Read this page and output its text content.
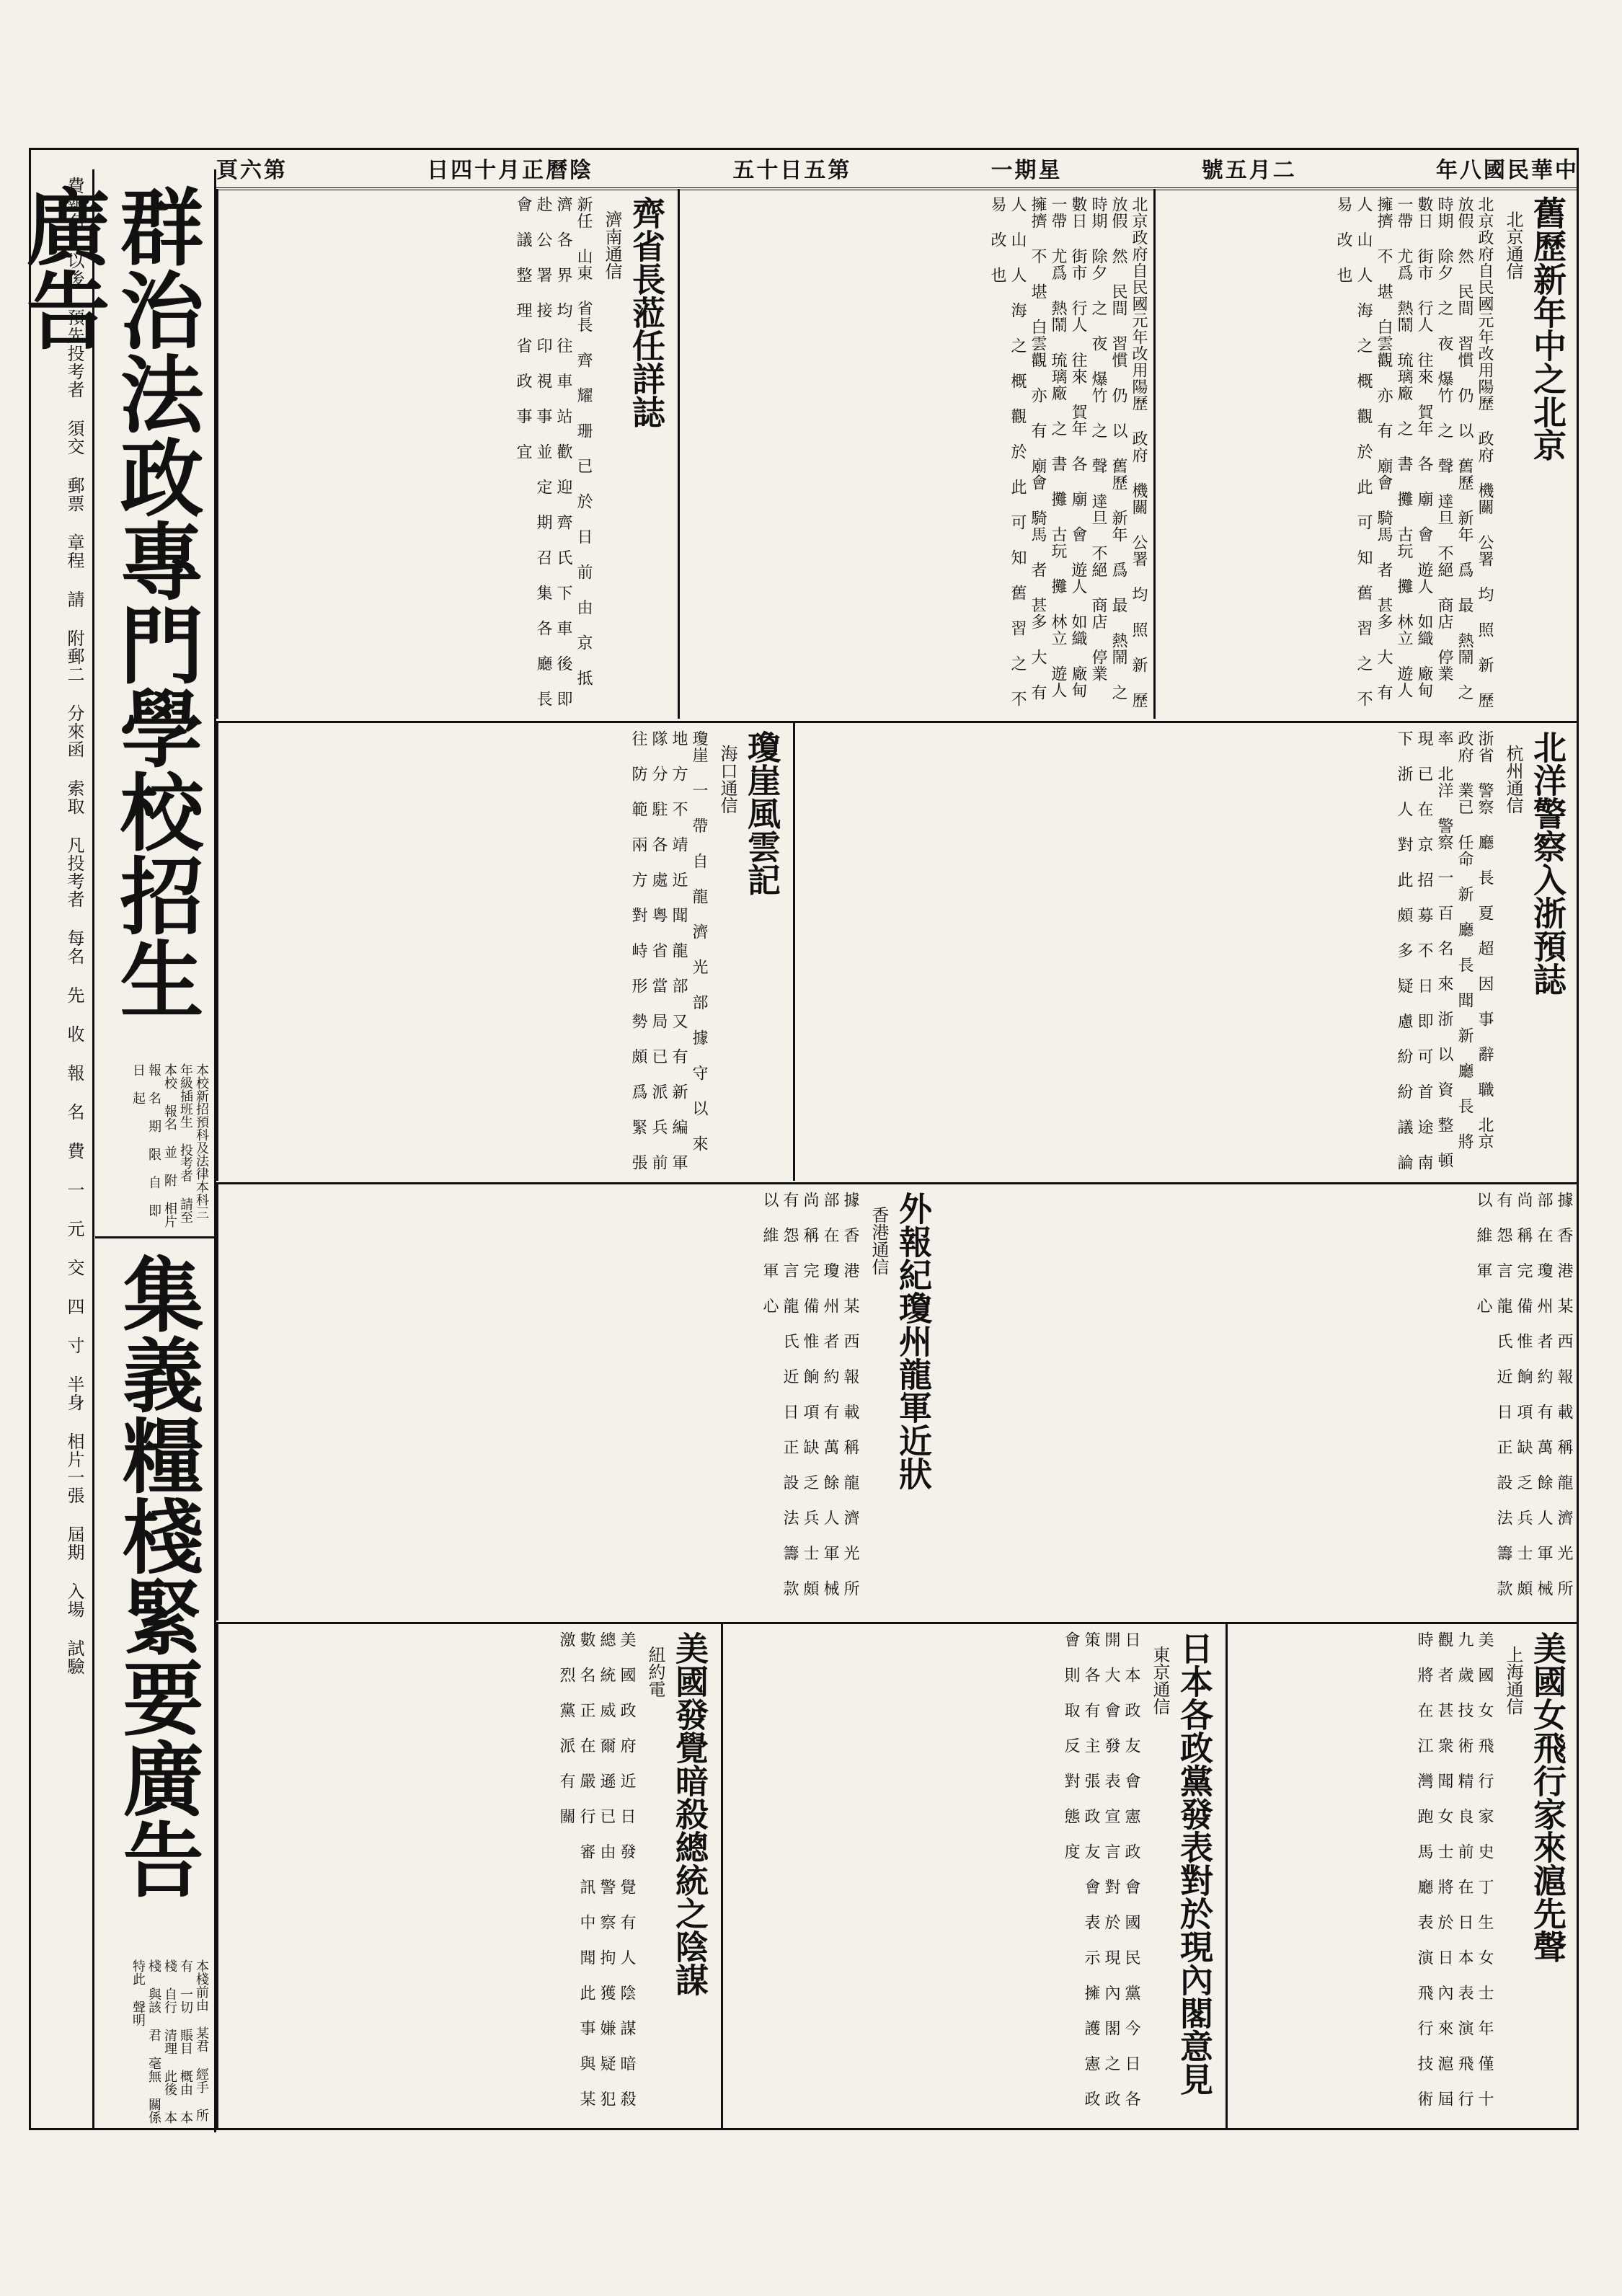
頁六第	日四十月正曆陰	五十日五第	一期星	號五月二	年八國民華中
費報名 以後 預先投考者 須交 郵票 章程 請 附郵二 分來函 索取 凡投考者 每名 先 收 報 名 費 一 元 交 四 寸 半身 相片一張 屆期 入場 試驗 群治法政專門學校招生廣告
本校新招預科及法律本科三年級插班生 投考者 請至 本校 報名 並 附 相片 報 名 期 限 自 即 日 起
集義糧棧緊要廣告
本棧前由 某君 經手 所有 一切 賬目 概由 本棧 自行 清理 此後 本棧 與該 君 毫無 關係 特此 聲明
舊歷新年中之北京
北京通信
北京政府自民國元年改用陽歷 政府 機關 公署 均 照 新 歷 放假 然 民間 習慣 仍 以 舊歷 新年 爲 最 熱鬧 之 時期 除夕 之 夜 爆竹 之 聲 達旦 不絕 商店 停業 數日 街市 行人 往來 賀年 各 廟 會 遊人 如織 廠甸 一帶 尤爲 熱鬧 琉璃廠 之 書 攤 古玩 攤 林立 遊人 擁擠 不 堪 白雲觀 亦 有 廟會 騎馬 者 甚多 大 有 人 山 人 海 之 概 觀 於 此 可 知 舊 習 之 不 易 改 也
齊省長蒞任詳誌
濟南通信
新任 山東 省長 齊 耀 珊 已 於 日 前 由 京 抵 濟 各 界 均 往 車 站 歡 迎 齊 氏 下 車 後 即 赴 公 署 接 印 視 事 並 定 期 召 集 各 廳 長 會 議 整 理 省 政 事 宜	北京政府自民國元年改用陽歷 政府 機關 公署 均 照 新 歷 放假 然 民間 習慣 仍 以 舊歷 新年 爲 最 熱鬧 之 時期 除夕 之 夜 爆竹 之 聲 達旦 不絕 商店 停業 數日 街市 行人 往來 賀年 各 廟 會 遊人 如織 廠甸 一帶 尤爲 熱鬧 琉璃廠 之 書 攤 古玩 攤 林立 遊人 擁擠 不 堪 白雲觀 亦 有 廟會 騎馬 者 甚多 大 有 人 山 人 海 之 概 觀 於 此 可 知 舊 習 之 不 易 改 也
北洋警察入浙預誌
杭州通信
浙省 警察 廳 長 夏 超 因 事 辭 職 北京 政府 業已 任命 新 廳 長 聞 新 廳 長 將 率 北洋 警察 一 百 名 來 浙 以 資 整 頓 現 已 在 京 招 募 不 日 即 可 首 途 南 下 浙 人 對 此 頗 多 疑 慮 紛 紛 議 論
瓊崖風雲記
海口通信
瓊崖 一 帶 自 龍 濟 光 部 據 守 以 來 地 方 不 靖 近 聞 龍 部 又 有 新 編 軍 隊 分 駐 各 處 粵 省 當 局 已 派 兵 前 往 防 範 兩 方 對 峙 形 勢 頗 爲 緊 張
外報紀瓊州龍軍近狀
香港通信
據 香 港 某 西 報 載 稱 龍 濟 光 所 部 在 瓊 州 者 約 有 萬 餘 人 軍 械 尚 稱 完 備 惟 餉 項 缺 乏 兵 士 頗 有 怨 言 龍 氏 近 日 正 設 法 籌 款 以 維 軍 心	據 香 港 某 西 報 載 稱 龍 濟 光 所 部 在 瓊 州 者 約 有 萬 餘 人 軍 械 尚 稱 完 備 惟 餉 項 缺 乏 兵 士 頗 有 怨 言 龍 氏 近 日 正 設 法 籌 款 以 維 軍 心
美國女飛行家來滬先聲
上海通信
美 國 女 飛 行 家 史 丁 生 女 士 年 僅 十 九 歲 技 術 精 良 前 在 日 本 表 演 飛 行 觀 者 甚 衆 聞 女 士 將 於 日 內 來 滬 屆 時 將 在 江 灣 跑 馬 廳 表 演 飛 行 技 術
日本各政黨發表對於現內閣意見
東京通信
日 本 政 友 會 憲 政 會 國 民 黨 今 日 各 開 大 會 發 表 宣 言 對 於 現 內 閣 之 政 策 各 有 主 張 政 友 會 表 示 擁 護 憲 政 會 則 取 反 對 態 度
美國發覺暗殺總統之陰謀
紐約電
美 國 政 府 近 日 發 覺 有 人 陰 謀 暗 殺 總 統 威 爾 遜 已 由 警 察 拘 獲 嫌 疑 犯 數 名 正 在 嚴 行 審 訊 中 聞 此 事 與 某 激 烈 黨 派 有 關
